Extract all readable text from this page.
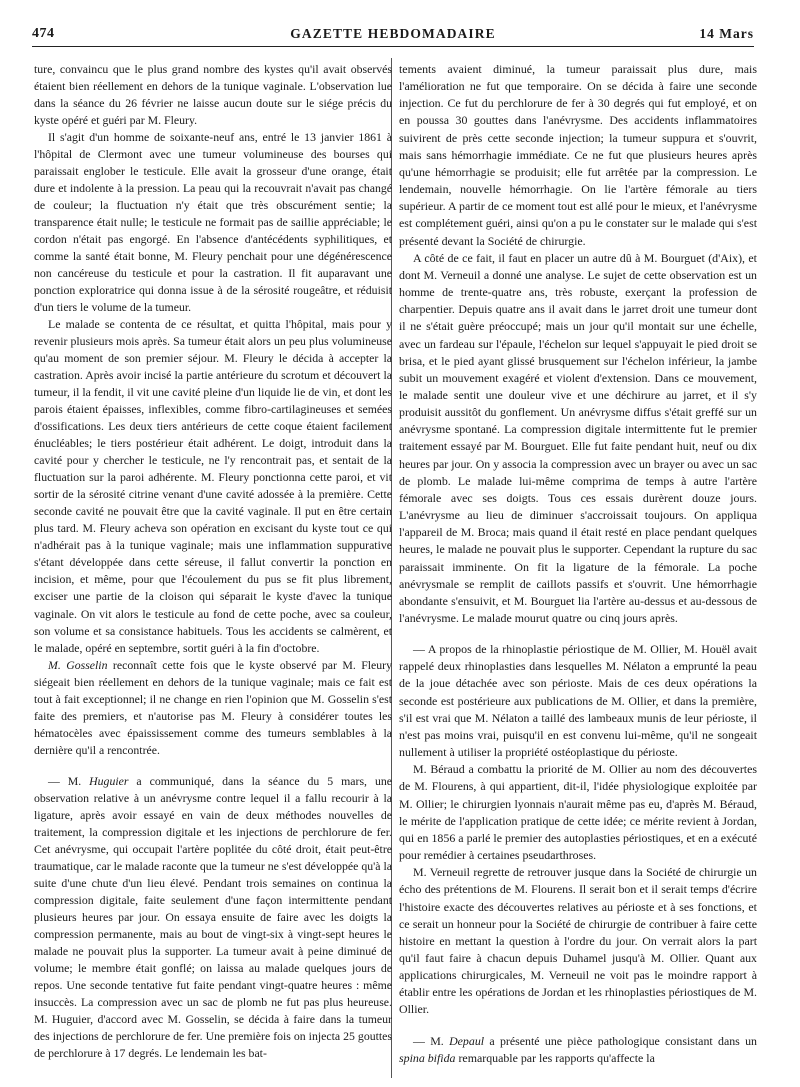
474	GAZETTE HEBDOMADAIRE	14 Mars

ture, convaincu que le plus grand nombre des kystes qu'il avait observés étaient bien réellement en dehors de la tunique vaginale. L'observation lue dans la séance du 26 février ne laisse aucun doute sur le siége précis du kyste opéré et guéri par M. Fleury.

Il s'agit d'un homme de soixante-neuf ans, entré le 13 janvier 1861 à l'hôpital de Clermont avec une tumeur volumineuse des bourses qui paraissait englober le testicule. Elle avait la grosseur d'une orange, était dure et indolente à la pression. La peau qui la recouvrait n'avait pas changé de couleur; la fluctuation n'y était que très obscurément sentie; la transparence était nulle; le testicule ne formait pas de saillie appréciable; le cordon n'était pas engorgé. En l'absence d'antécédents syphilitiques, et comme la santé était bonne, M. Fleury penchait pour une dégénérescence non cancéreuse du testicule et pour la castration. Il fit auparavant une ponction exploratrice qui donna issue à de la sérosité rougeâtre, et réduisit d'un tiers le volume de la tumeur.

Le malade se contenta de ce résultat, et quitta l'hôpital, mais pour y revenir plusieurs mois après. Sa tumeur était alors un peu plus volumineuse qu'au moment de son premier séjour. M. Fleury le décida à accepter la castration. Après avoir incisé la partie antérieure du scrotum et découvert la tumeur, il la fendit, il vit une cavité pleine d'un liquide lie de vin, et dont les parois étaient épaisses, inflexibles, comme fibro-cartilagineuses et semées d'ossifications. Les deux tiers antérieurs de cette coque étaient facilement énucléables; le tiers postérieur était adhérent. Le doigt, introduit dans la cavité pour y chercher le testicule, ne l'y rencontrait pas, et sentait de la fluctuation sur la paroi adhérente. M. Fleury ponctionna cette paroi, et vit sortir de la sérosité citrine venant d'une cavité adossée à la première. Cette seconde cavité ne pouvait être que la cavité vaginale. Il put en être certain plus tard. M. Fleury acheva son opération en excisant du kyste tout ce qui n'adhérait pas à la tunique vaginale; mais une inflammation suppurative s'étant développée dans cette séreuse, il fallut convertir la ponction en incision, et même, pour que l'écoulement du pus se fit plus librement, exciser une partie de la cloison qui séparait le kyste d'avec la tunique vaginale. On vit alors le testicule au fond de cette poche, avec sa couleur, son volume et sa consistance habituels. Tous les accidents se calmèrent, et le malade, opéré en septembre, sortit guéri à la fin d'octobre.

M. Gosselin reconnaît cette fois que le kyste observé par M. Fleury siégeait bien réellement en dehors de la tunique vaginale; mais ce fait est tout à fait exceptionnel; il ne change en rien l'opinion que M. Gosselin s'est faite des premiers, et n'autorise pas M. Fleury à considérer toutes les hématocèles avec épaississement comme des tumeurs semblables à la dernière qu'il a rencontrée.

— M. Huguier a communiqué, dans la séance du 5 mars, une observation relative à un anévrysme contre lequel il a fallu recourir à la ligature, après avoir essayé en vain de deux méthodes nouvelles de traitement, la compression digitale et les injections de perchlorure de fer. Cet anévrysme, qui occupait l'artère poplitée du côté droit, était peut-être traumatique, car le malade raconte que la tumeur ne s'est développée qu'à la suite d'une chute d'un lieu élevé. Pendant trois semaines on continua la compression digitale, faite seulement d'une façon intermittente pendant plusieurs heures par jour. On essaya ensuite de faire avec les doigts la compression permanente, mais au bout de vingt-six à vingt-sept heures le malade ne pouvait plus la supporter. La tumeur avait à peine diminué de volume; le membre était gonflé; on laissa au malade quelques jours de repos. Une seconde tentative fut faite pendant vingt-quatre heures : même insuccès. La compression avec un sac de plomb ne fut pas plus heureuse. M. Huguier, d'accord avec M. Gosselin, se décida à faire dans la tumeur des injections de perchlorure de fer. Une première fois on injecta 25 gouttes de perchlorure à 17 degrés. Le lendemain les bat-

tements avaient diminué, la tumeur paraissait plus dure, mais l'amélioration ne fut que temporaire. On se décida à faire une seconde injection. Ce fut du perchlorure de fer à 30 degrés qui fut employé, et on en poussa 30 gouttes dans l'anévrysme. Des accidents inflammatoires suivirent de près cette seconde injection; la tumeur suppura et s'ouvrit, mais sans hémorrhagie immédiate. Ce ne fut que plusieurs heures après qu'une hémorrhagie se produisit; elle fut arrêtée par la compression. Le lendemain, nouvelle hémorrhagie. On lie l'artère fémorale au tiers supérieur. A partir de ce moment tout est allé pour le mieux, et l'anévrysme est complétement guéri, ainsi qu'on a pu le constater sur le malade qui s'est présenté devant la Société de chirurgie.

A côté de ce fait, il faut en placer un autre dû à M. Bourguet (d'Aix), et dont M. Verneuil a donné une analyse. Le sujet de cette observation est un homme de trente-quatre ans, très robuste, exerçant la profession de charpentier. Depuis quatre ans il avait dans le jarret droit une tumeur dont il ne s'était guère préoccupé; mais un jour qu'il montait sur une échelle, avec un fardeau sur l'épaule, l'échelon sur lequel s'appuyait le pied droit se brisa, et le pied ayant glissé brusquement sur l'échelon inférieur, la jambe subit un mouvement exagéré et violent d'extension. Dans ce mouvement, le malade sentit une douleur vive et une déchirure au jarret, et il s'y produisit aussitôt du gonflement. Un anévrysme diffus s'était greffé sur un anévrysme spontané. La compression digitale intermittente fut le premier traitement essayé par M. Bourguet. Elle fut faite pendant huit, neuf ou dix heures par jour. On y associa la compression avec un brayer ou avec un sac de plomb. Le malade lui-même comprima de temps à autre l'artère fémorale avec ses doigts. Tous ces essais durèrent douze jours. L'anévrysme au lieu de diminuer s'accroissait toujours. On appliqua l'appareil de M. Broca; mais quand il était resté en place pendant quelques heures, le malade ne pouvait plus le supporter. Cependant la rupture du sac paraissait imminente. On fit la ligature de la fémorale. La poche anévrysmale se remplit de caillots passifs et s'ouvrit. Une hémorrhagie abondante s'ensuivit, et M. Bourguet lia l'artère au-dessus et au-dessous de l'anévrysme. Le malade mourut quatre ou cinq jours après.

— A propos de la rhinoplastie périostique de M. Ollier, M. Houël avait rappelé deux rhinoplasties dans lesquelles M. Nélaton a emprunté la peau de la joue détachée avec son périoste. Mais de ces deux opérations la seconde est postérieure aux publications de M. Ollier, et dans la première, s'il est vrai que M. Nélaton a taillé des lambeaux munis de leur périoste, il n'est pas moins vrai, puisqu'il en est convenu lui-même, qu'il ne songeait nullement à utiliser la propriété ostéoplastique du périoste.

M. Béraud a combattu la priorité de M. Ollier au nom des découvertes de M. Flourens, à qui appartient, dit-il, l'idée physiologique exploitée par M. Ollier; le chirurgien lyonnais n'aurait même pas eu, d'après M. Béraud, le mérite de l'application pratique de cette idée; ce mérite revient à Jordan, qui en 1856 a parlé le premier des autoplasties périostiques, et en a exécuté pour remédier à certaines pseudarthroses.

M. Verneuil regrette de retrouver jusque dans la Société de chirurgie un écho des prétentions de M. Flourens. Il serait bon et il serait temps d'écrire l'histoire exacte des découvertes relatives au périoste et à ses fonctions, et ce serait un honneur pour la Société de chirurgie de contribuer à faire cette histoire en mettant la question à l'ordre du jour. On verrait alors la part qu'il faut faire à chacun depuis Duhamel jusqu'à M. Ollier. Quant aux applications chirurgicales, M. Verneuil ne voit pas le moindre rapport à établir entre les opérations de Jordan et les rhinoplasties périostiques de M. Ollier.

— M. Depaul a présenté une pièce pathologique consistant dans un spina bifida remarquable par les rapports qu'affecte la
